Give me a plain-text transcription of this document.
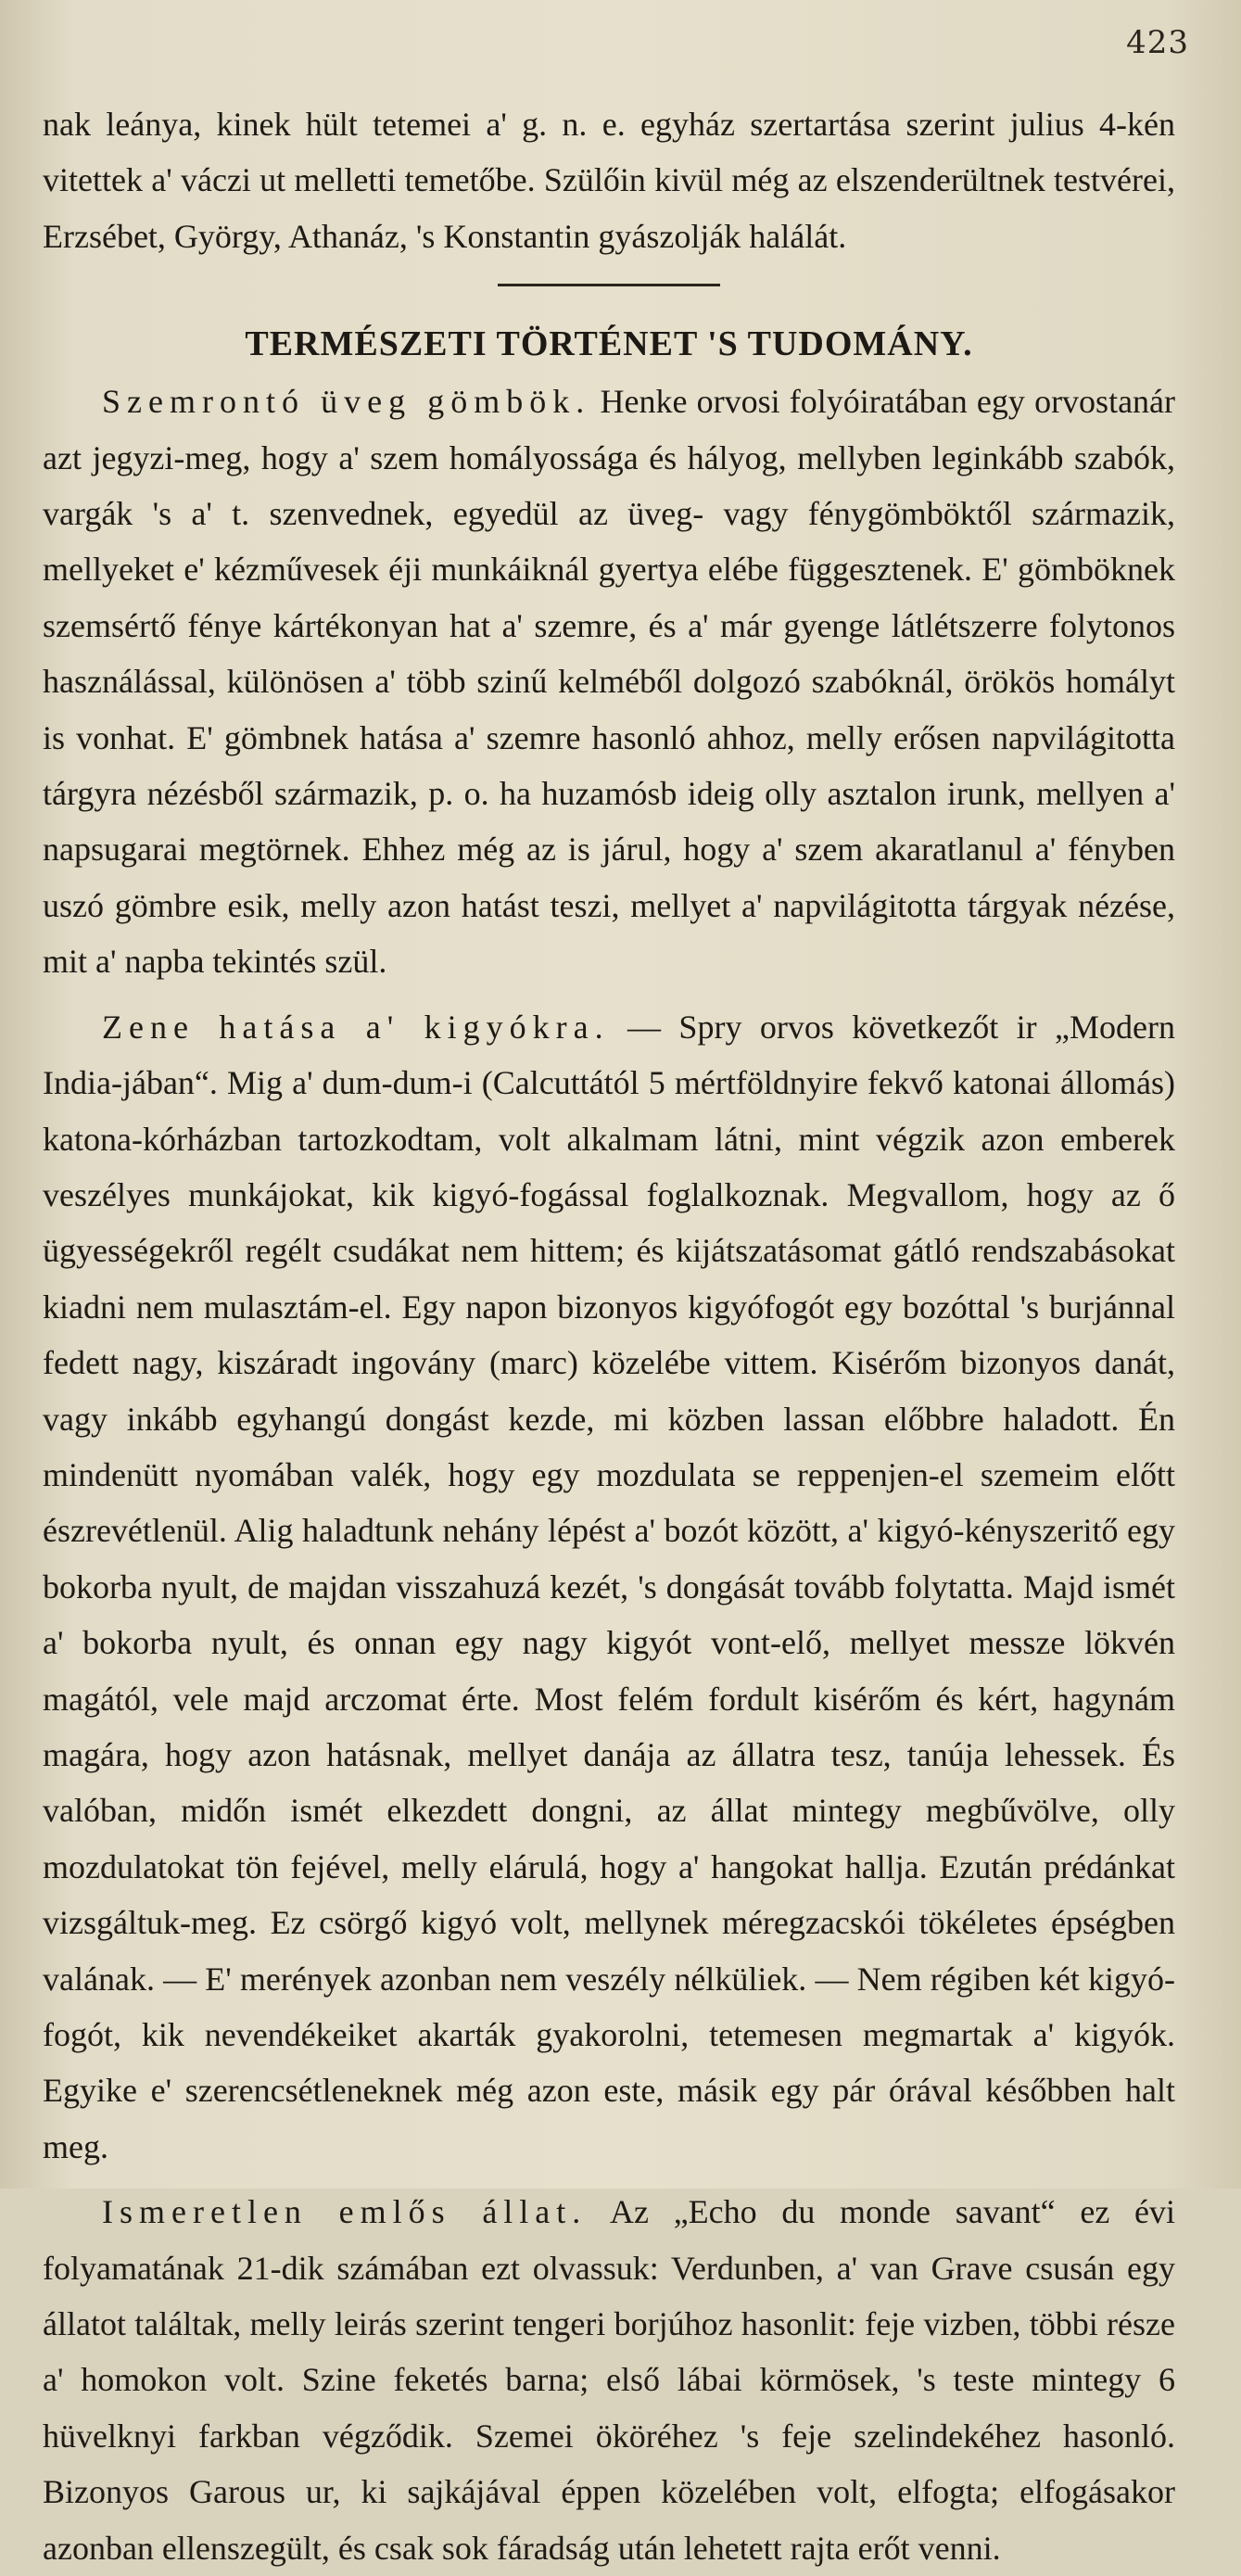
423

nak leánya, kinek hült tetemei a' g. n. e. egyház szertartása szerint julius 4-kén vitettek a' váczi ut melletti temetőbe. Szülőin kivül még az elszenderültnek testvérei, Erzsébet, György, Athanáz, 's Konstantin gyászolják halálát.

TERMÉSZETI TÖRTÉNET 'S TUDOMÁNY.

Szemrontó üveg gömbök. Henke orvosi folyóiratában egy orvostanár azt jegyzi-meg, hogy a' szem homályossága és hályog, mellyben leginkább szabók, vargák 's a' t. szenvednek, egyedül az üveg- vagy fénygömböktől származik, mellyeket e' kézművesek éji munkáiknál gyertya elébe függesztenek. E' gömböknek szemsértő fénye kártékonyan hat a' szemre, és a' már gyenge látlétszerre folytonos használással, különösen a' több szinű kelméből dolgozó szabóknál, örökös homályt is vonhat. E' gömbnek hatása a' szemre hasonló ahhoz, melly erősen napvilágitotta tárgyra nézésből származik, p. o. ha huzamósb ideig olly asztalon irunk, mellyen a' napsugarai megtörnek. Ehhez még az is járul, hogy a' szem akaratlanul a' fényben uszó gömbre esik, melly azon hatást teszi, mellyet a' napvilágitotta tárgyak nézése, mit a' napba tekintés szül.

Zene hatása a' kigyókra. — Spry orvos következőt ir „Modern India-jában“. Mig a' dum-dum-i (Calcuttától 5 mértföldnyire fekvő katonai állomás) katona-kórházban tartozkodtam, volt alkalmam látni, mint végzik azon emberek veszélyes munkájokat, kik kigyó-fogással foglalkoznak. Megvallom, hogy az ő ügyességekről regélt csudákat nem hittem; és kijátszatásomat gátló rendszabásokat kiadni nem mulasztám-el. Egy napon bizonyos kigyófogót egy bozóttal 's burjánnal fedett nagy, kiszáradt ingovány (marc) közelébe vittem. Kisérőm bizonyos danát, vagy inkább egyhangú dongást kezde, mi közben lassan előbbre haladott. Én mindenütt nyomában valék, hogy egy mozdulata se reppenjen-el szemeim előtt észrevétlenül. Alig haladtunk nehány lépést a' bozót között, a' kigyó-kényszeritő egy bokorba nyult, de majdan visszahuzá kezét, 's dongását tovább folytatta. Majd ismét a' bokorba nyult, és onnan egy nagy kigyót vont-elő, mellyet messze lökvén magától, vele majd arczomat érte. Most felém fordult kisérőm és kért, hagynám magára, hogy azon hatásnak, mellyet danája az állatra tesz, tanúja lehessek. És valóban, midőn ismét elkezdett dongni, az állat mintegy megbűvölve, olly mozdulatokat tön fejével, melly elárulá, hogy a' hangokat hallja. Ezután prédánkat vizsgáltuk-meg. Ez csörgő kigyó volt, mellynek méregzacskói tökéletes épségben valának. — E' merények azonban nem veszély nélküliek. — Nem régiben két kigyó-fogót, kik nevendékeiket akarták gyakorolni, tetemesen megmartak a' kigyók. Egyike e' szerencsétleneknek még azon este, másik egy pár órával későbben halt meg.

Ismeretlen emlős állat. Az „Echo du monde savant“ ez évi folyamatának 21-dik számában ezt olvassuk: Verdunben, a' van Grave csusán egy állatot találtak, melly leirás szerint tengeri borjúhoz hasonlit: feje vizben, többi része a' homokon volt. Szine feketés barna; első lábai körmösek, 's teste mintegy 6 hüvelknyi farkban végződik. Szemei ököréhez 's feje szelindekéhez hasonló. Bizonyos Garous ur, ki sajkájával éppen közelében volt, elfogta; elfogásakor azonban ellenszegült, és csak sok fáradság után lehetett rajta erőt venni.
